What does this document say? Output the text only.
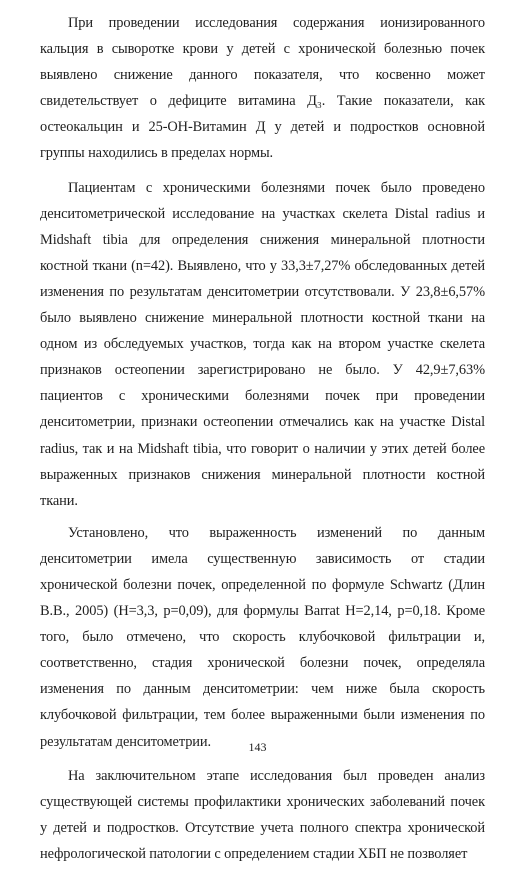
При проведении исследования содержания ионизированного кальция в сыворотке крови у детей с хронической болезнью почек выявлено снижение данного показателя, что косвенно может свидетельствует о дефиците витамина Д₃. Такие показатели, как остеокальцин и 25-ОН-Витамин Д у детей и подростков основной группы находились в пределах нормы.

Пациентам с хроническими болезнями почек было проведено денситометрической исследование на участках скелета Distal radius и Midshaft tibia для определения снижения минеральной плотности костной ткани (n=42). Выявлено, что у 33,3±7,27% обследованных детей изменения по результатам денситометрии отсутствовали. У 23,8±6,57% было выявлено снижение минеральной плотности костной ткани на одном из обследуемых участков, тогда как на втором участке скелета признаков остеопении зарегистрировано не было. У 42,9±7,63% пациентов с хроническими болезнями почек при проведении денситометрии, признаки остеопении отмечались как на участке Distal radius, так и на Midshaft tibia, что говорит о наличии у этих детей более выраженных признаков снижения минеральной плотности костной ткани.

Установлено, что выраженность изменений по данным денситометрии имела существенную зависимость от стадии хронической болезни почек, определенной по формуле Schwartz (Длин В.В., 2005) (H=3,3, p=0,09), для формулы Barrat H=2,14, p=0,18. Кроме того, было отмечено, что скорость клубочковой фильтрации и, соответственно, стадия хронической болезни почек, определяла изменения по данным денситометрии: чем ниже была скорость клубочковой фильтрации, тем более выраженными были изменения по результатам денситометрии.

На заключительном этапе исследования был проведен анализ существующей системы профилактики хронических заболеваний почек у детей и подростков. Отсутствие учета полного спектра хронической нефрологической патологии с определением стадии ХБП не позволяет

143
